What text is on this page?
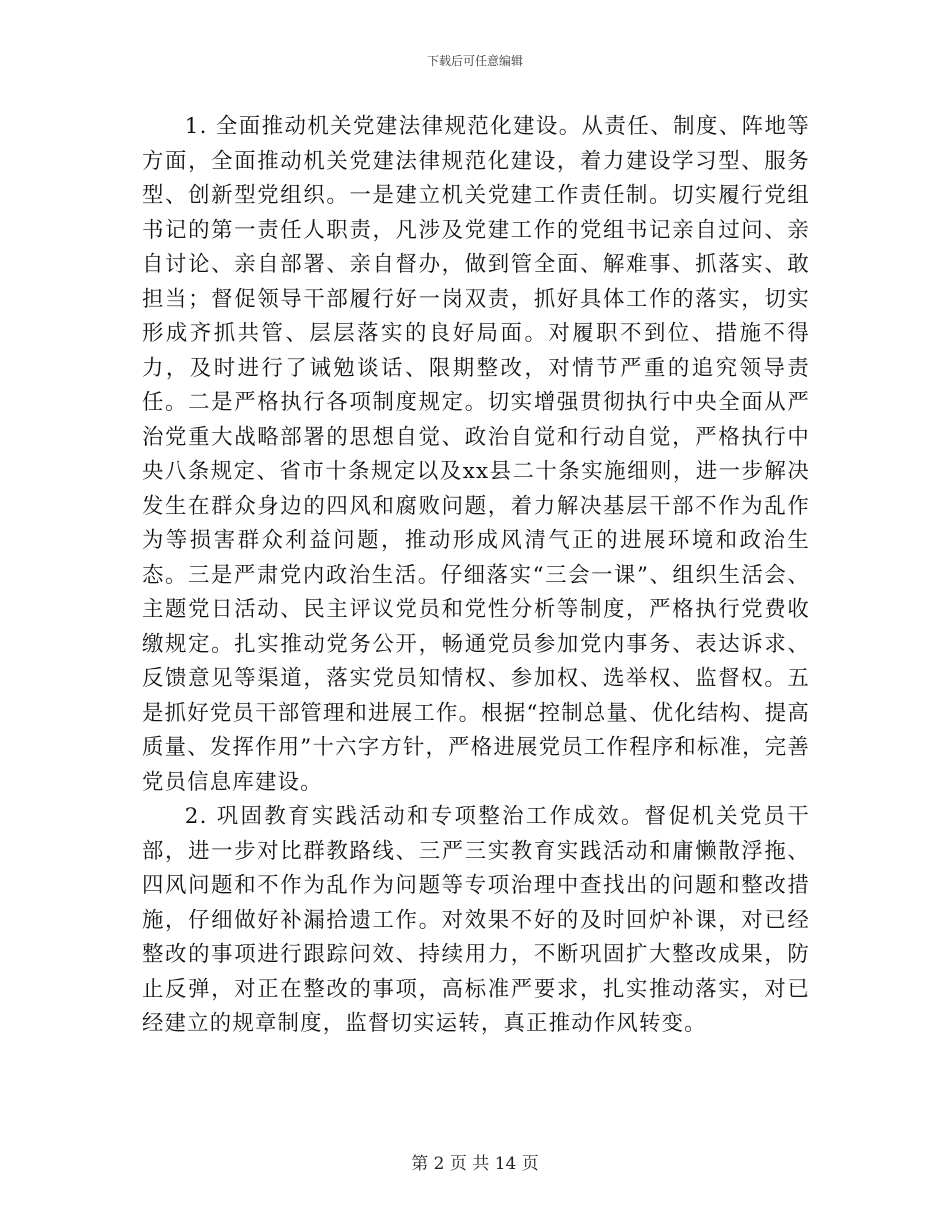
下载后可任意编辑

1. 全面推动机关党建法律规范化建设。从责任、制度、阵地等方面，全面推动机关党建法律规范化建设，着力建设学习型、服务型、创新型党组织。一是建立机关党建工作责任制。切实履行党组书记的第一责任人职责，凡涉及党建工作的党组书记亲自过问、亲自讨论、亲自部署、亲自督办，做到管全面、解难事、抓落实、敢担当；督促领导干部履行好一岗双责，抓好具体工作的落实，切实形成齐抓共管、层层落实的良好局面。对履职不到位、措施不得力，及时进行了诫勉谈话、限期整改，对情节严重的追究领导责任。二是严格执行各项制度规定。切实增强贯彻执行中央全面从严治党重大战略部署的思想自觉、政治自觉和行动自觉，严格执行中央八条规定、省市十条规定以及xx县二十条实施细则，进一步解决发生在群众身边的四风和腐败问题，着力解决基层干部不作为乱作为等损害群众利益问题，推动形成风清气正的进展环境和政治生态。三是严肃党内政治生活。仔细落实“三会一课”、组织生活会、主题党日活动、民主评议党员和党性分析等制度，严格执行党费收缴规定。扎实推动党务公开，畅通党员参加党内事务、表达诉求、反馈意见等渠道，落实党员知情权、参加权、选举权、监督权。五是抓好党员干部管理和进展工作。根据“控制总量、优化结构、提高质量、发挥作用”十六字方针，严格进展党员工作程序和标准，完善党员信息库建设。

2. 巩固教育实践活动和专项整治工作成效。督促机关党员干部，进一步对比群教路线、三严三实教育实践活动和庸懒散浮拖、四风问题和不作为乱作为问题等专项治理中查找出的问题和整改措施，仔细做好补漏拾遗工作。对效果不好的及时回炉补课，对已经整改的事项进行跟踪问效、持续用力，不断巩固扩大整改成果，防止反弹，对正在整改的事项，高标准严要求，扎实推动落实，对已经建立的规章制度，监督切实运转，真正推动作风转变。

第 2 页 共 14 页
